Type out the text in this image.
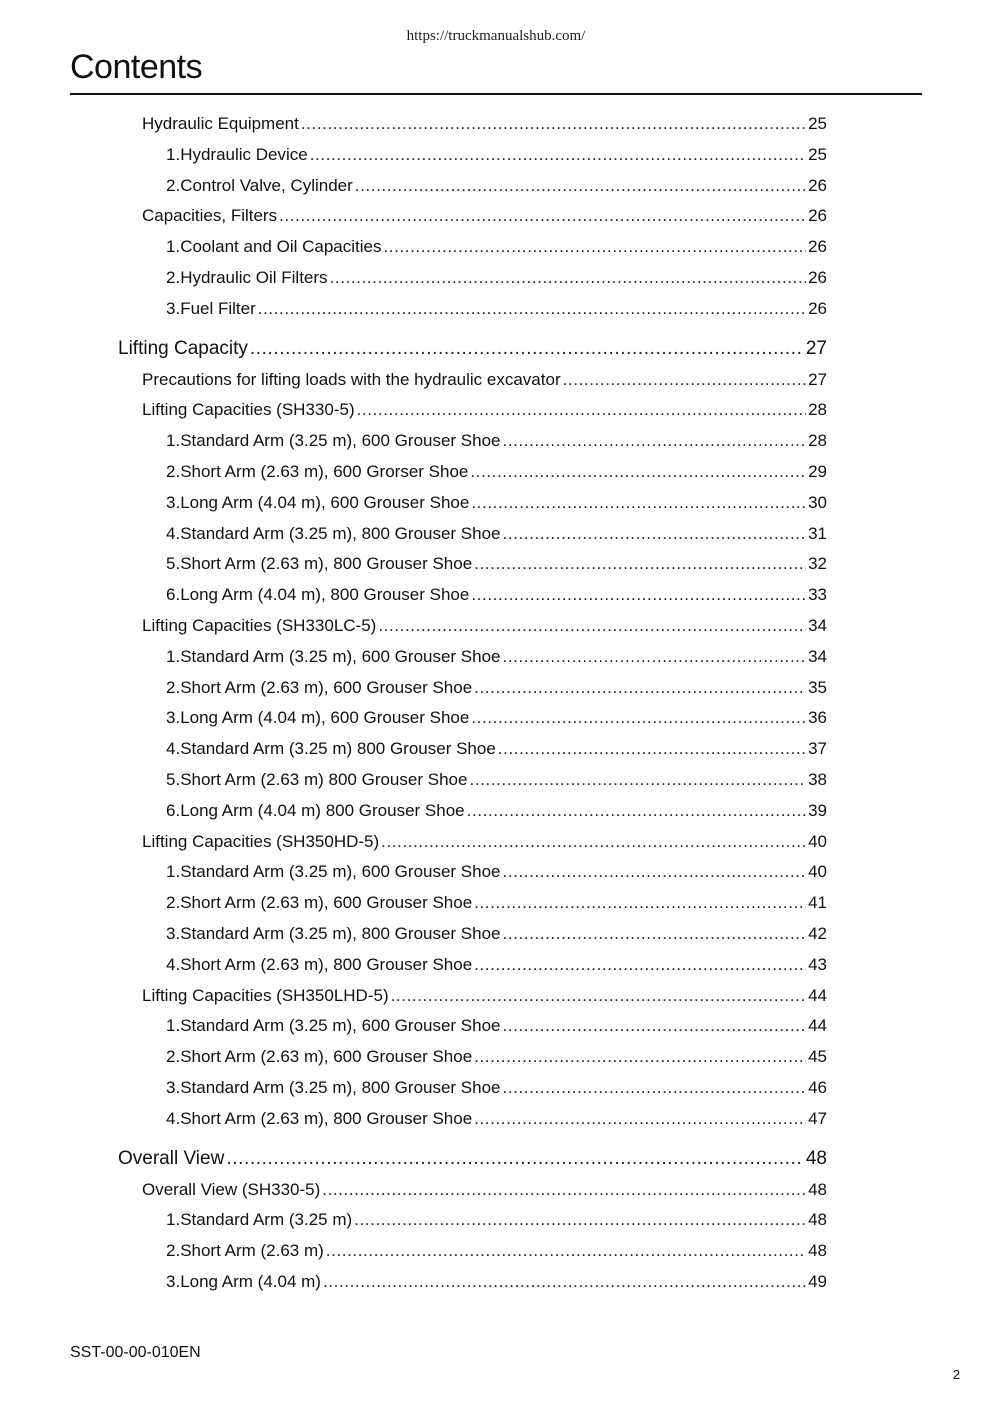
https://truckmanualshub.com/
Contents
Hydraulic Equipment .....	25
1. Hydraulic Device .....	25
2. Control Valve, Cylinder .....	26
Capacities, Filters .....	26
1. Coolant and Oil Capacities .....	26
2. Hydraulic Oil Filters .....	26
3. Fuel Filter .....	26
Lifting Capacity .....	27
Precautions for lifting loads with the hydraulic excavator .....	27
Lifting Capacities (SH330-5) .....	28
1. Standard Arm (3.25 m), 600 Grouser Shoe .....	28
2. Short Arm (2.63 m), 600 Grorser Shoe .....	29
3. Long Arm (4.04 m), 600 Grouser Shoe .....	30
4. Standard Arm (3.25 m), 800 Grouser Shoe .....	31
5. Short Arm (2.63 m), 800 Grouser Shoe .....	32
6. Long Arm (4.04 m), 800 Grouser Shoe .....	33
Lifting Capacities (SH330LC-5) .....	34
1. Standard Arm (3.25 m), 600 Grouser Shoe .....	34
2. Short Arm (2.63 m), 600 Grouser Shoe .....	35
3. Long Arm (4.04 m), 600 Grouser Shoe .....	36
4. Standard Arm (3.25 m) 800 Grouser Shoe .....	37
5. Short Arm (2.63 m) 800 Grouser Shoe .....	38
6. Long Arm (4.04 m) 800 Grouser Shoe .....	39
Lifting Capacities (SH350HD-5) .....	40
1. Standard Arm (3.25 m), 600 Grouser Shoe .....	40
2. Short Arm (2.63 m), 600 Grouser Shoe .....	41
3. Standard Arm (3.25 m), 800 Grouser Shoe .....	42
4. Short Arm (2.63 m), 800 Grouser Shoe .....	43
Lifting Capacities (SH350LHD-5) .....	44
1. Standard Arm (3.25 m), 600 Grouser Shoe .....	44
2. Short Arm (2.63 m), 600 Grouser Shoe .....	45
3. Standard Arm (3.25 m), 800 Grouser Shoe .....	46
4. Short Arm (2.63 m), 800 Grouser Shoe .....	47
Overall View .....	48
Overall View (SH330-5) .....	48
1. Standard Arm (3.25 m) .....	48
2. Short Arm (2.63 m) .....	48
3. Long Arm (4.04 m) .....	49
SST-00-00-010EN
2
